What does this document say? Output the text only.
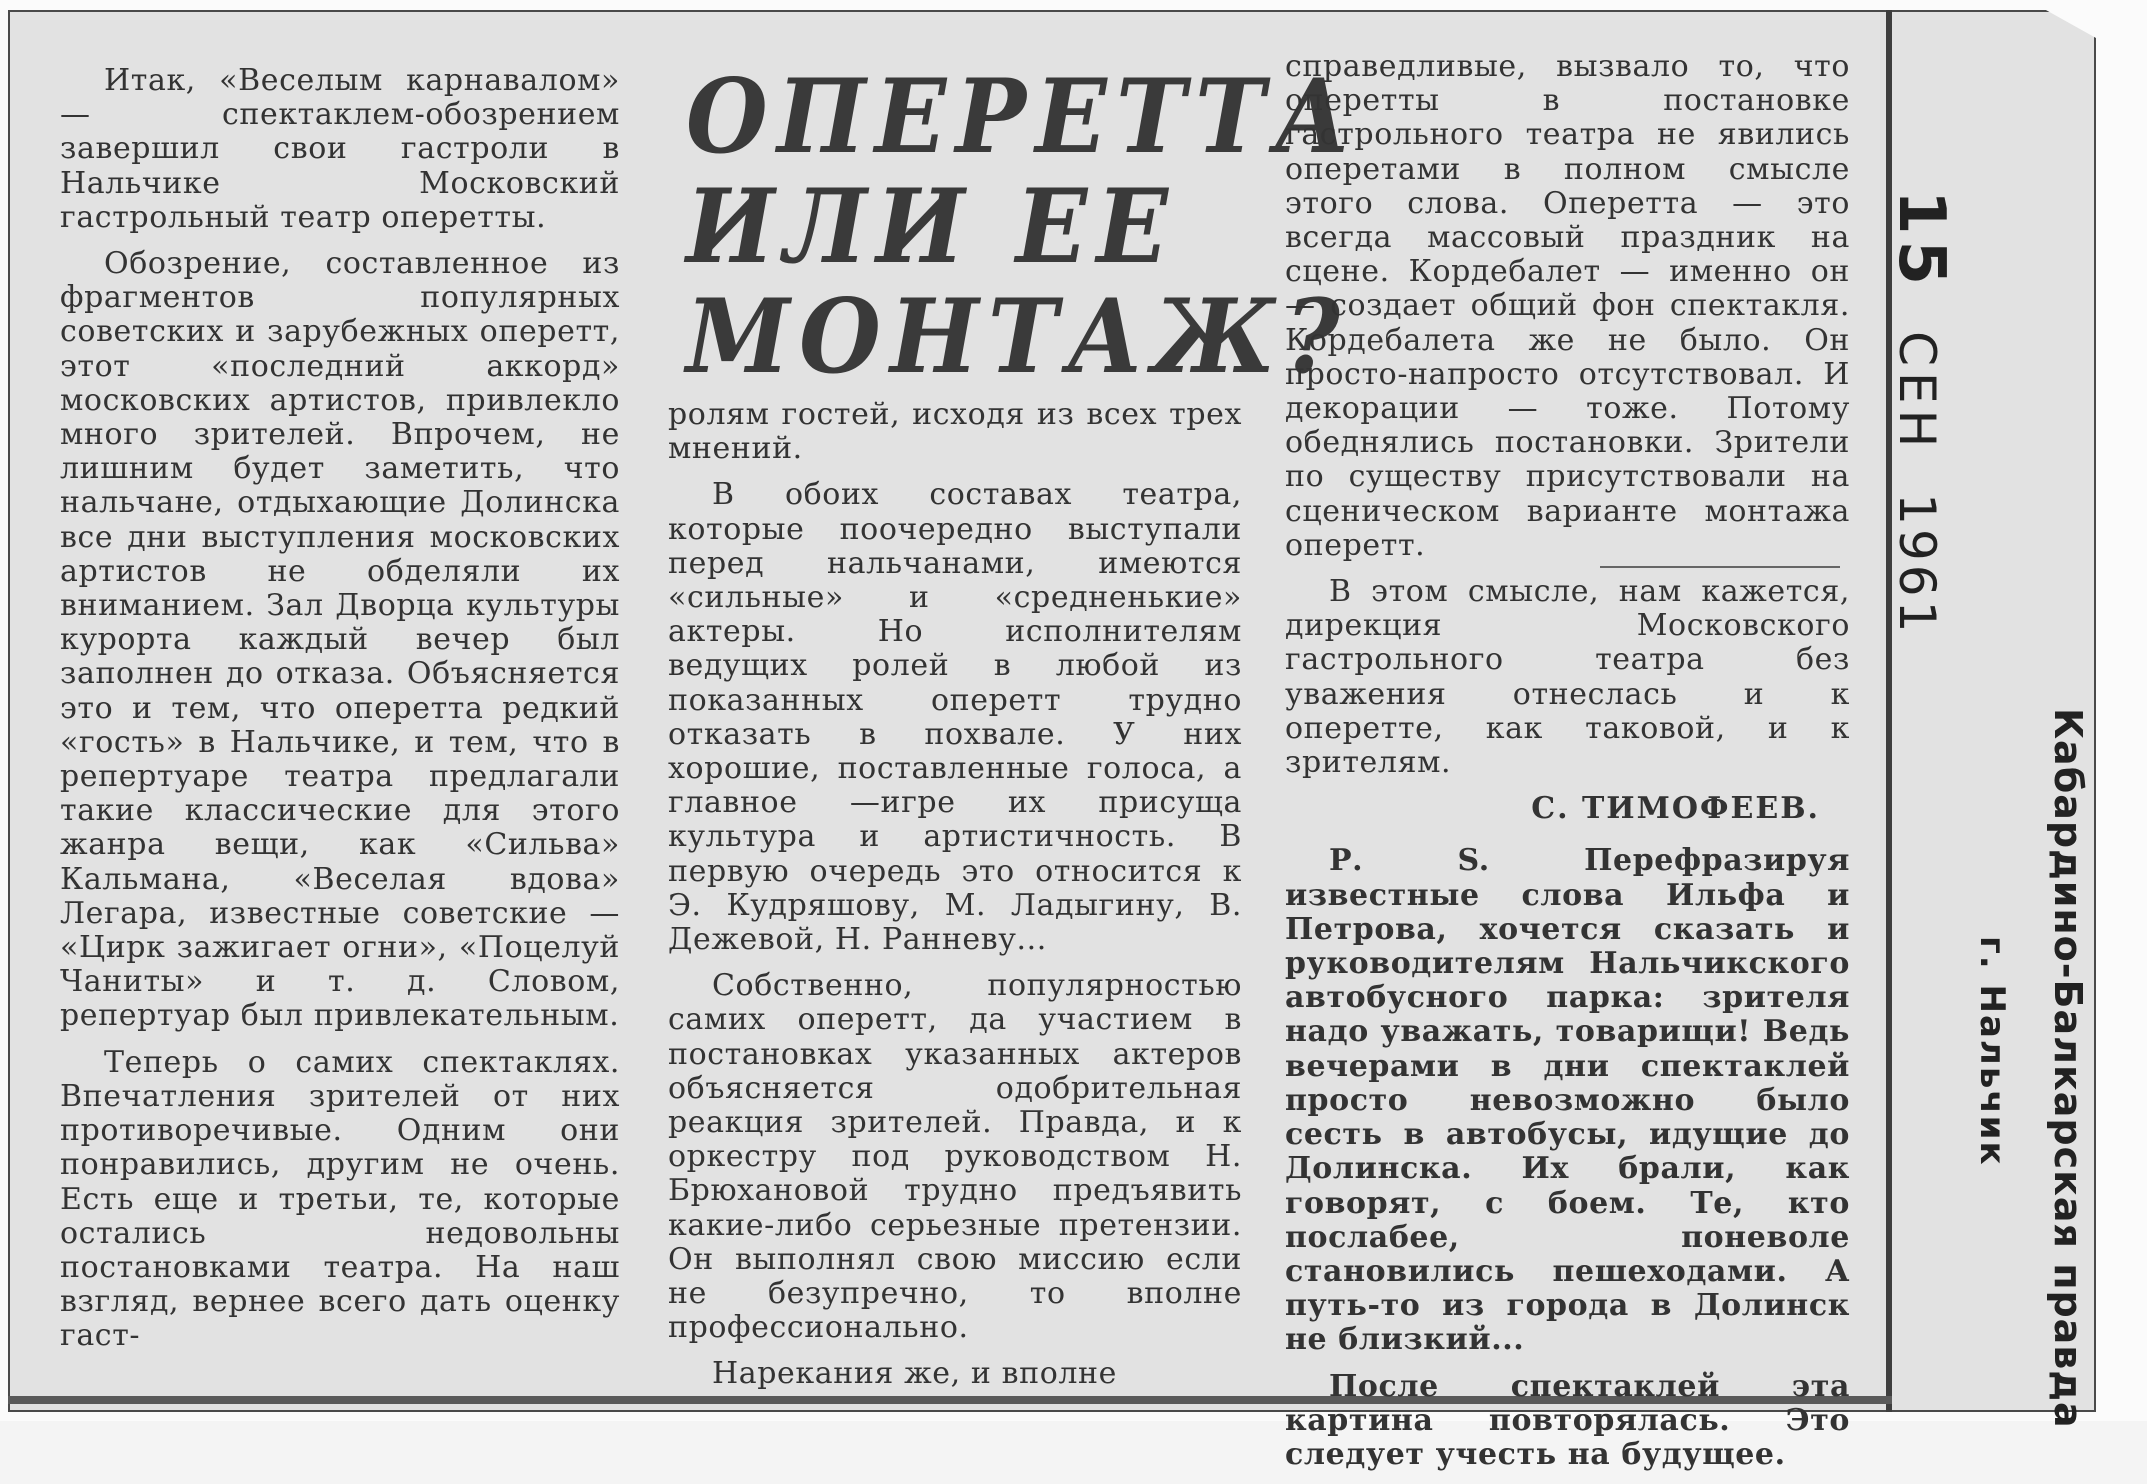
Итак, «Веселым карнавалом» — спектаклем-обозрением завершил свои гастроли в Нальчике Московский гастрольный театр оперетты.

Обозрение, составленное из фрагментов популярных советских и зарубежных оперетт, этот «последний аккорд» московских артистов, привлекло много зрителей. Впрочем, не лишним будет заметить, что нальчане, отдыхающие Долинска все дни выступления московских артистов не обделяли их вниманием. Зал Дворца культуры курорта каждый вечер был заполнен до отказа. Объясняется это и тем, что оперетта редкий «гость» в Нальчике, и тем, что в репертуаре театра предлагали такие классические для этого жанра вещи, как «Сильва» Кальмана, «Веселая вдова» Легара, известные советские — «Цирк зажигает огни», «Поцелуй Чаниты» и т. д. Словом, репертуар был привлекательным.

Теперь о самих спектаклях. Впечатления зрителей от них противоречивые. Одним они понравились, другим не очень. Есть еще и третьи, те, которые остались недовольны постановками театра. На наш взгляд, вернее всего дать оценку гаст-

ОПЕРЕТТА
ИЛИ ЕЕ
МОНТАЖ?

ролям гостей, исходя из всех трех мнений.

В обоих составах театра, которые поочередно выступали перед нальчанами, имеются «сильные» и «средненькие» актеры. Но исполнителям ведущих ролей в любой из показанных оперетт трудно отказать в похвале. У них хорошие, поставленные голоса, а главное —игре их присуща культура и артистичность. В первую очередь это относится к Э. Кудряшову, М. Ладыгину, В. Дежевой, Н. Ранневу...

Собственно, популярностью самих оперетт, да участием в постановках указанных актеров объясняется одобрительная реакция зрителей. Правда, и к оркестру под руководством Н. Брюхановой трудно предъявить какие-либо серьезные претензии. Он выполнял свою миссию если не безупречно, то вполне профессионально.

Нарекания же, и вполне

справедливые, вызвало то, что оперетты в постановке гастрольного театра не явились оперетами в полном смысле этого слова. Оперетта — это всегда массовый праздник на сцене. Кордебалет — именно он — создает общий фон спектакля. Кордебалета же не было. Он просто-напросто отсутствовал. И декорации — тоже. Потому обеднялись постановки. Зрители по существу присутствовали на сценическом варианте монтажа оперетт.

В этом смысле, нам кажется, дирекция Московского гастрольного театра без уважения отнеслась и к оперетте, как таковой, и к зрителям.

С. ТИМОФЕЕВ.

Р. S. Перефразируя известные слова Ильфа и Петрова, хочется сказать и руководителям Нальчикского автобусного парка: зрителя надо уважать, товарищи! Ведь вечерами в дни спектаклей просто невозможно было сесть в автобусы, идущие до Долинска. Их брали, как говорят, с боем. Те, кто послабее, поневоле становились пешеходами. А путь-то из города в Долинск не близкий...

После спектаклей эта картина повторялась. Это следует учесть на будущее.

15СЕН1961
Кабардино-Балкарская правда
г. Нальчик
